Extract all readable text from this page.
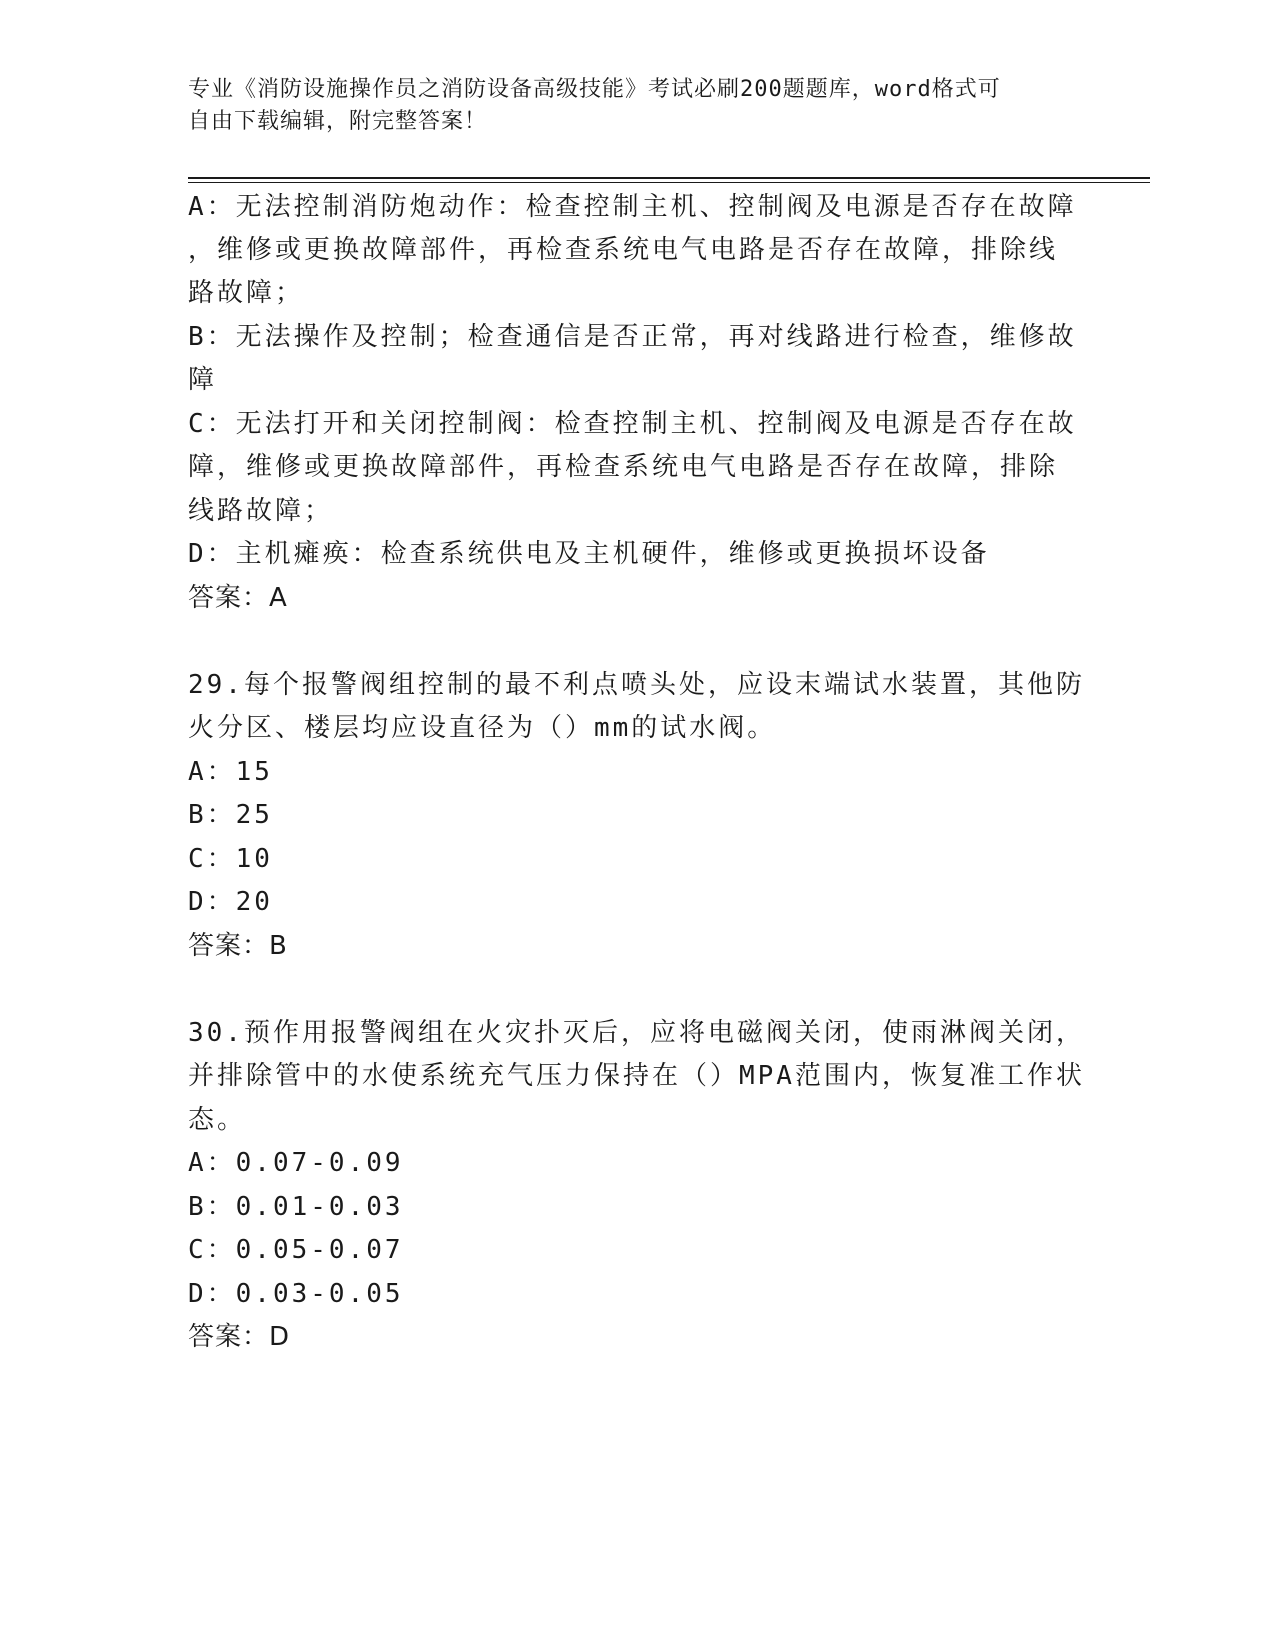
专业《消防设施操作员之消防设备高级技能》考试必刷200题题库，word格式可
自由下载编辑，附完整答案！
A：无法控制消防炮动作：检查控制主机、控制阀及电源是否存在故障
，维修或更换故障部件，再检查系统电气电路是否存在故障，排除线
路故障；
B：无法操作及控制；检查通信是否正常，再对线路进行检查，维修故
障
C：无法打开和关闭控制阀：检查控制主机、控制阀及电源是否存在故
障，维修或更换故障部件，再检查系统电气电路是否存在故障，排除
线路故障；
D：主机瘫痪：检查系统供电及主机硬件，维修或更换损坏设备
答案：A
29.每个报警阀组控制的最不利点喷头处，应设末端试水装置，其他防
火分区、楼层均应设直径为（）mm的试水阀。
A：15
B：25
C：10
D：20
答案：B
30.预作用报警阀组在火灾扑灭后，应将电磁阀关闭，使雨淋阀关闭，
并排除管中的水使系统充气压力保持在（）MPA范围内，恢复准工作状
态。
A：0.07-0.09
B：0.01-0.03
C：0.05-0.07
D：0.03-0.05
答案：D
